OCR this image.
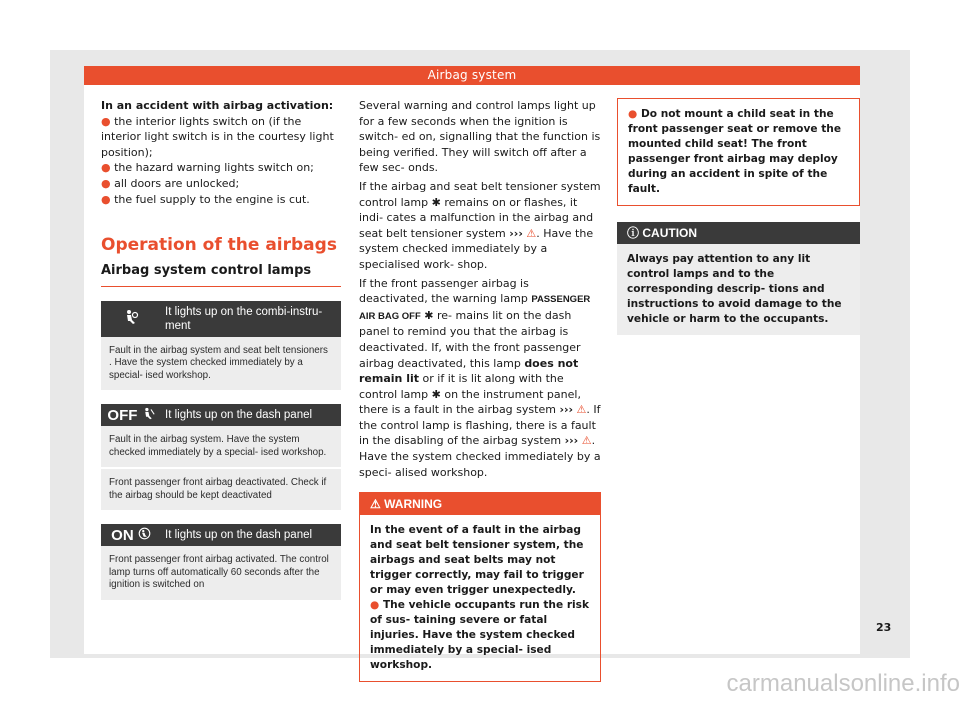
Airbag system

In an accident with airbag activation:

● the interior lights switch on (if the interior light switch is in the courtesy light position);

● the hazard warning lights switch on;

● all doors are unlocked;

● the fuel supply to the engine is cut.

Operation of the airbags
Airbag system control lamps
It lights up on the combi-instru- ment
Fault in the airbag system and seat belt tensioners . Have the system checked immediately by a special- ised workshop.
OFF	It lights up on the dash panel
Fault in the airbag system. Have the system checked immediately by a special- ised workshop.
Front passenger front airbag deactivated. Check if the airbag should be kept deactivated
ON	It lights up on the dash panel
Front passenger front airbag activated. The control lamp turns off automatically 60 seconds after the ignition is switched on

Several warning and control lamps light up for a few seconds when the ignition is switch- ed on, signalling that the function is being verified. They will switch off after a few sec- onds.

If the airbag and seat belt tensioner system control lamp ✱ remains on or flashes, it indi- cates a malfunction in the airbag and seat belt tensioner system ››› ⚠. Have the system checked immediately by a specialised work- shop.

If the front passenger airbag is deactivated, the warning lamp PASSENGER AIR BAG OFF ✱ re- mains lit on the dash panel to remind you that the airbag is deactivated. If, with the front passenger airbag deactivated, this lamp does not remain lit or if it is lit along with the control lamp ✱ on the instrument panel, there is a fault in the airbag system ››› ⚠. If the control lamp is flashing, there is a fault in the disabling of the airbag system ››› ⚠. Have the system checked immediately by a speci- alised workshop.

⚠ WARNING

In the event of a fault in the airbag and seat belt tensioner system, the airbags and seat belts may not trigger correctly, may fail to trigger or may even trigger unexpectedly.

● The vehicle occupants run the risk of sus- taining severe or fatal injuries. Have the system checked immediately by a special- ised workshop.

● Do not mount a child seat in the front passenger seat or remove the mounted child seat! The front passenger front airbag may deploy during an accident in spite of the fault.

ⓘ CAUTION
Always pay attention to any lit control lamps and to the corresponding descrip- tions and instructions to avoid damage to the vehicle or harm to the occupants.
23
carmanualsonline.info
